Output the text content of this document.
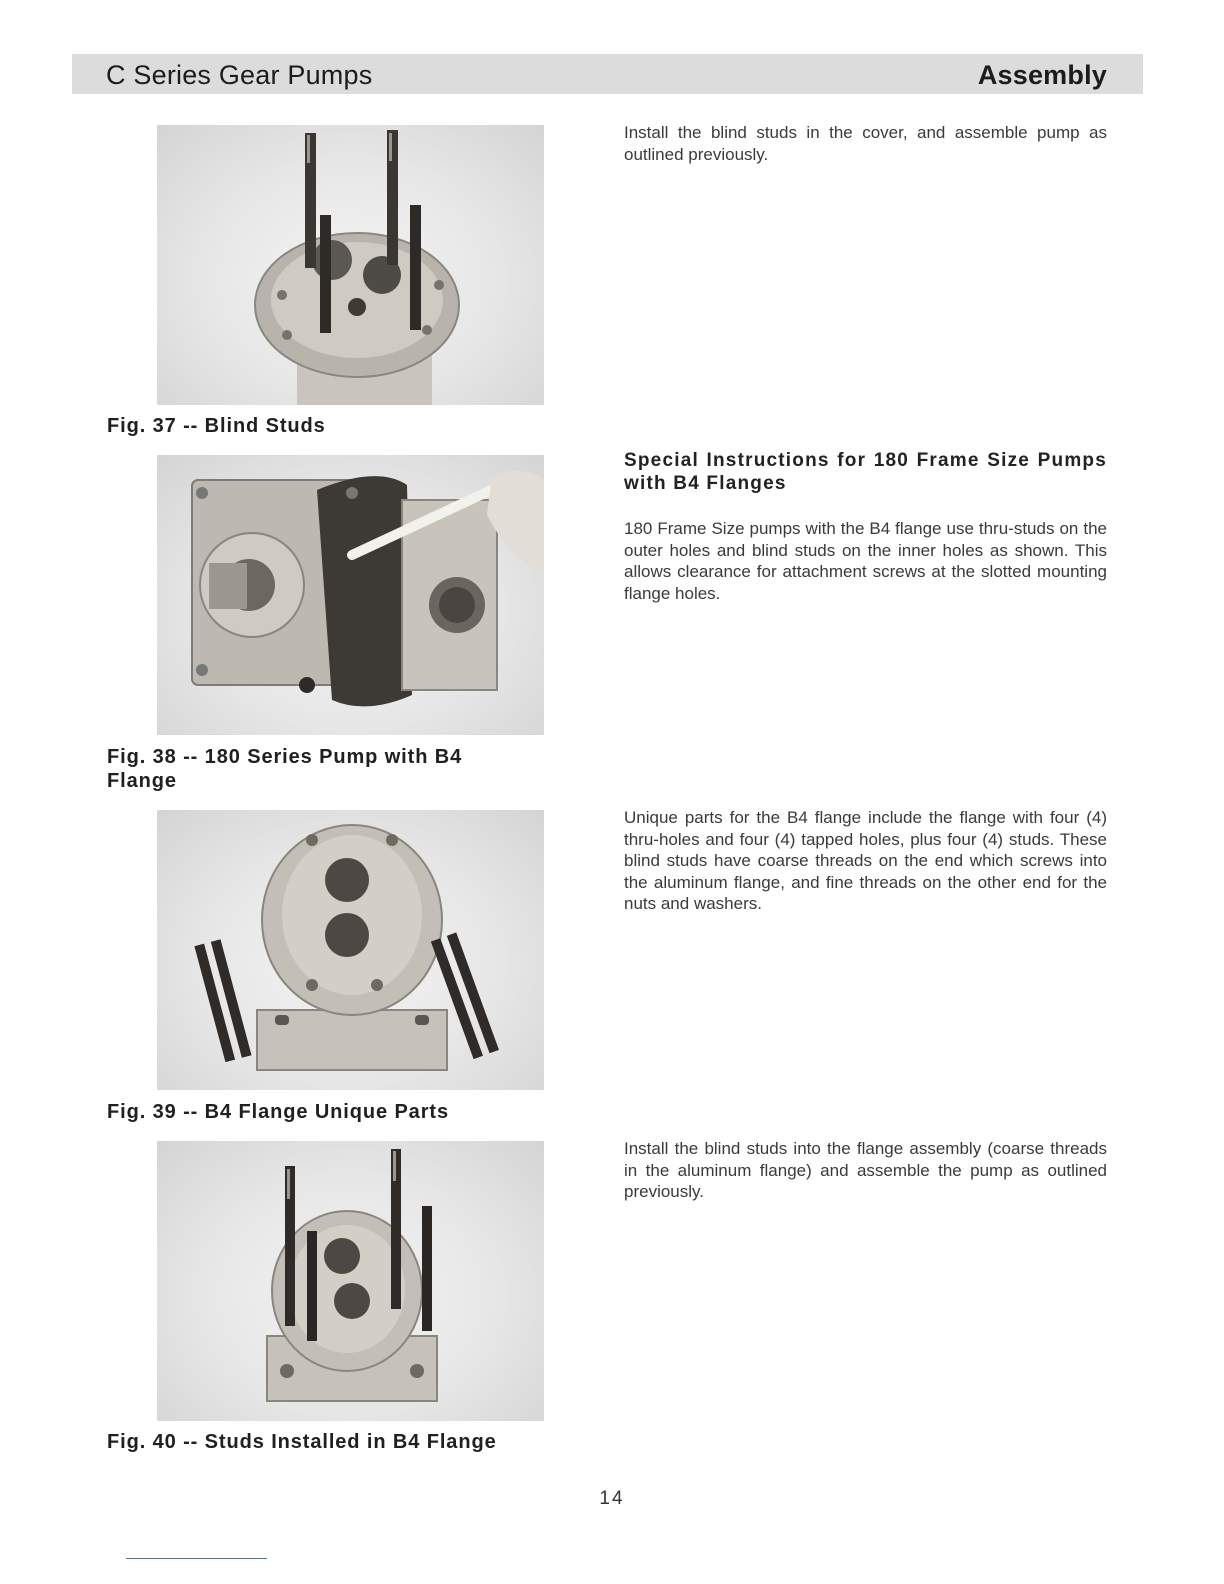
C Series Gear Pumps	Assembly
Fig. 37 -- Blind Studs
Fig. 38 -- 180 Series Pump with B4 Flange
Fig. 39 -- B4 Flange Unique Parts
Fig. 40 -- Studs Installed in B4 Flange
Install the blind studs in the cover, and assemble pump as outlined previously.
Special Instructions for 180 Frame Size Pumps with B4 Flanges
180 Frame Size pumps with the B4 flange use thru-studs on the outer holes and blind studs on the inner holes as shown. This allows clearance for attachment screws at the slotted mounting flange holes.
Unique parts for the B4 flange include the flange with four (4) thru-holes and four (4) tapped holes, plus four (4) studs. These blind studs have coarse threads on the end which screws into the aluminum flange, and fine threads on the other end for the nuts and washers.
Install the blind studs into the flange assembly (coarse threads in the aluminum flange) and assemble the pump as outlined previously.
14
